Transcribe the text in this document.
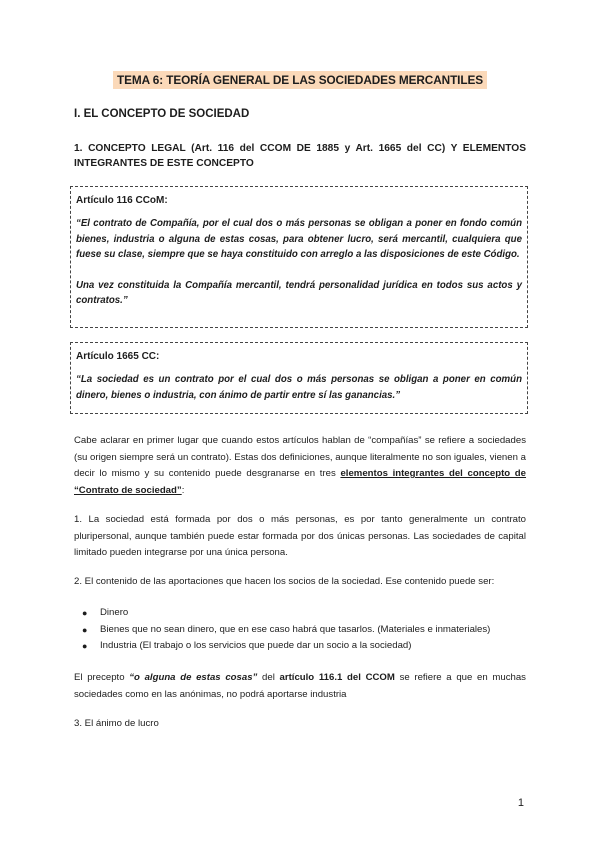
TEMA 6: TEORÍA GENERAL DE LAS SOCIEDADES MERCANTILES
I. EL CONCEPTO DE SOCIEDAD
1. CONCEPTO LEGAL (Art. 116 del CCOM DE 1885 y Art. 1665 del CC) Y ELEMENTOS INTEGRANTES DE ESTE CONCEPTO
Artículo 116 CCoM:
“El contrato de Compañía, por el cual dos o más personas se obligan a poner en fondo común bienes, industria o alguna de estas cosas, para obtener lucro, será mercantil, cualquiera que fuese su clase, siempre que se haya constituido con arreglo a las disposiciones de este Código.
Una vez constituida la Compañía mercantil, tendrá personalidad jurídica en todos sus actos y contratos.”
Artículo 1665 CC:
“La sociedad es un contrato por el cual dos o más personas se obligan a poner en común dinero, bienes o industria, con ánimo de partir entre sí las ganancias.”
Cabe aclarar en primer lugar que cuando estos artículos hablan de “compañías” se refiere a sociedades (su origen siempre será un contrato). Estas dos definiciones, aunque literalmente no son iguales, vienen a decir lo mismo y su contenido puede desgranarse en tres elementos integrantes del concepto de “Contrato de sociedad”:
1. La sociedad está formada por dos o más personas, es por tanto generalmente un contrato pluripersonal, aunque también puede estar formada por dos únicas personas. Las sociedades de capital limitado pueden integrarse por una única persona.
2. El contenido de las aportaciones que hacen los socios de la sociedad. Ese contenido puede ser:
● Dinero
● Bienes que no sean dinero, que en ese caso habrá que tasarlos. (Materiales e inmateriales)
● Industria (El trabajo o los servicios que puede dar un socio a la sociedad)
El precepto “o alguna de estas cosas” del artículo 116.1 del CCOM se refiere a que en muchas sociedades como en las anónimas, no podrá aportarse industria
3. El ánimo de lucro
1
